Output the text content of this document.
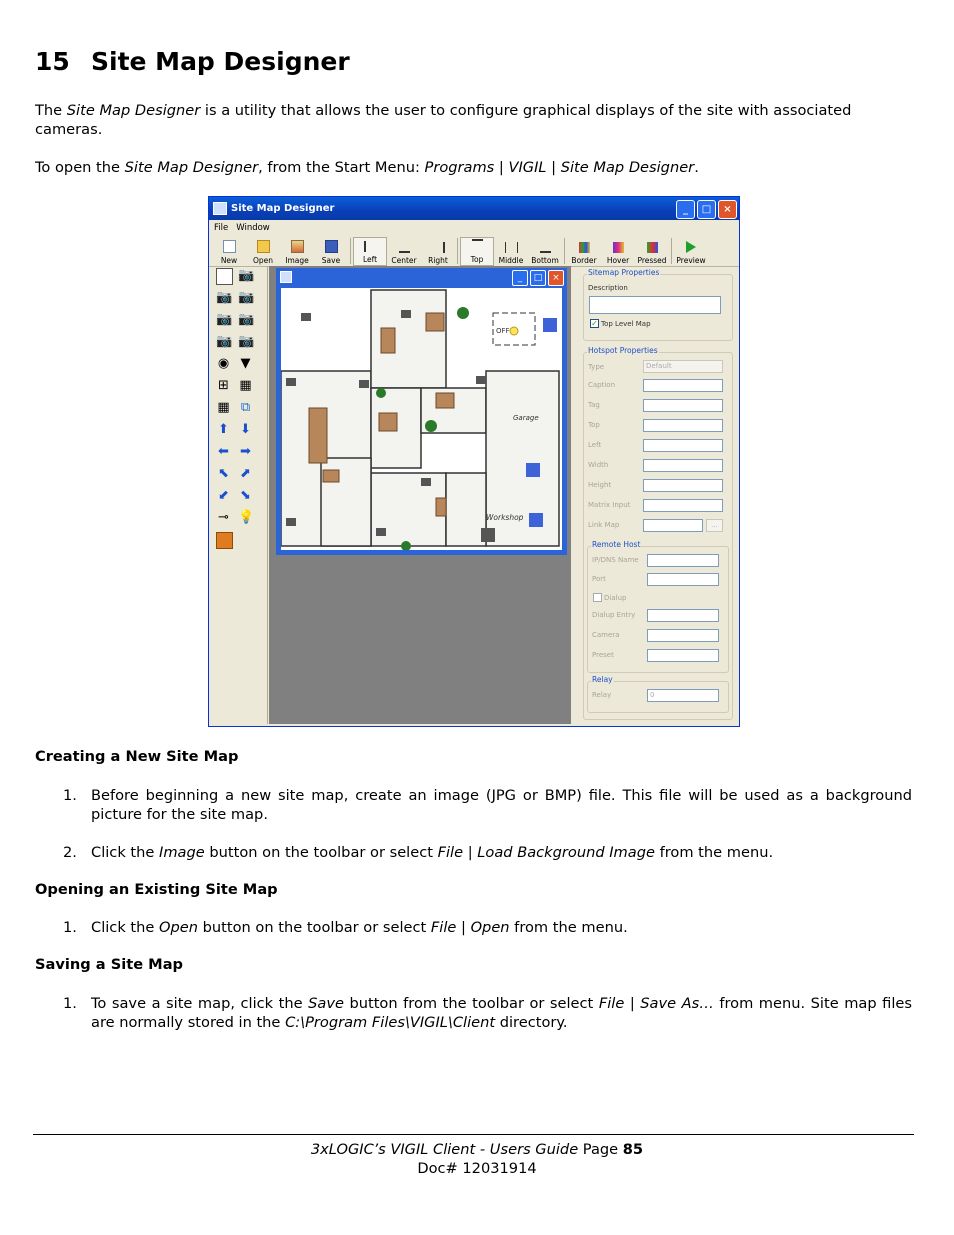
15 Site Map Designer
The Site Map Designer is a utility that allows the user to configure graphical displays of the site with associated cameras.
To open the Site Map Designer, from the Start Menu: Programs | VIGIL | Site Map Designer.
Site Map Designer	_	□	×
File Window
New Open Image Save	Left Center Right	Top Middle Bottom Border Hover Pressed Preview
📷
📷 📷
📷 📷
📷 📷
◉ ▼
⊞ ▦
▦ ⧉
⬆ ⬇
⬅ ➡
⬉ ⬈
⬋ ⬊
⊸ 💡
_	□	×
OFF
Garage
Workshop
Sitemap Properties
Description
✓ Top Level Map
Hotspot Properties
Type	Default
Caption
Tag
Top
Left
Width
Height
Matrix Input
Link Map	...
Remote Host
IP/DNS Name
Port
Dialup
Dialup Entry
Camera
Preset
Relay
Relay	0
Creating a New Site Map
1. Before beginning a new site map, create an image (JPG or BMP) file. This file will be used as a background picture for the site map.
2. Click the Image button on the toolbar or select File | Load Background Image from the menu.
Opening an Existing Site Map
1. Click the Open button on the toolbar or select File | Open from the menu.
Saving a Site Map
1. To save a site map, click the Save button from the toolbar or select File | Save As… from menu. Site map files are normally stored in the C:\Program Files\VIGIL\Client directory.
3xLOGIC’s VIGIL Client - Users Guide Page 85
Doc# 12031914
